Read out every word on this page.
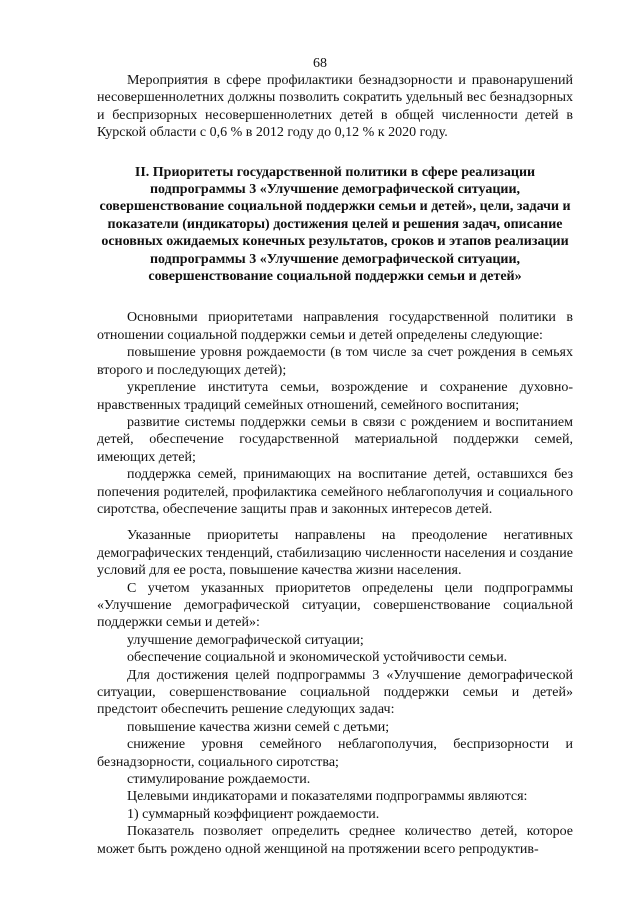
68

Мероприятия в сфере профилактики безнадзорности и правонарушений несовершеннолетних должны позволить сократить удельный вес безнадзорных и беспризорных несовершеннолетних детей в общей численности детей в Курской области с 0,6 % в 2012 году до 0,12 % к 2020 году.

II. Приоритеты государственной политики в сфере реализации подпрограммы 3 «Улучшение демографической ситуации, совершенствование социальной поддержки семьи и детей», цели, задачи и показатели (индикаторы) достижения целей и решения задач, описание основных ожидаемых конечных результатов, сроков и этапов реализации подпрограммы 3 «Улучшение демографической ситуации, совершенствование социальной поддержки семьи и детей»

Основными приоритетами направления государственной политики в отношении социальной поддержки семьи и детей определены следующие:

повышение уровня рождаемости (в том числе за счет рождения в семьях второго и последующих детей);

укрепление института семьи, возрождение и сохранение духовно-нравственных традиций семейных отношений, семейного воспитания;

развитие системы поддержки семьи в связи с рождением и воспитанием детей, обеспечение государственной материальной поддержки семей, имеющих детей;

поддержка семей, принимающих на воспитание детей, оставшихся без попечения родителей, профилактика семейного неблагополучия и социального сиротства, обеспечение защиты прав и законных интересов детей.

Указанные приоритеты направлены на преодоление негативных демографических тенденций, стабилизацию численности населения и создание условий для ее роста, повышение качества жизни населения.

С учетом указанных приоритетов определены цели подпрограммы «Улучшение демографической ситуации, совершенствование социальной поддержки семьи и детей»:

улучшение демографической ситуации;

обеспечение социальной и экономической устойчивости семьи.

Для достижения целей подпрограммы 3 «Улучшение демографической ситуации, совершенствование социальной поддержки семьи и детей» предстоит обеспечить решение следующих задач:

повышение качества жизни семей с детьми;

снижение уровня семейного неблагополучия, беспризорности и безнадзорности, социального сиротства;

стимулирование рождаемости.

Целевыми индикаторами и показателями подпрограммы являются:

1) суммарный коэффициент рождаемости.

Показатель позволяет определить среднее количество детей, которое может быть рождено одной женщиной на протяжении всего репродуктив-
